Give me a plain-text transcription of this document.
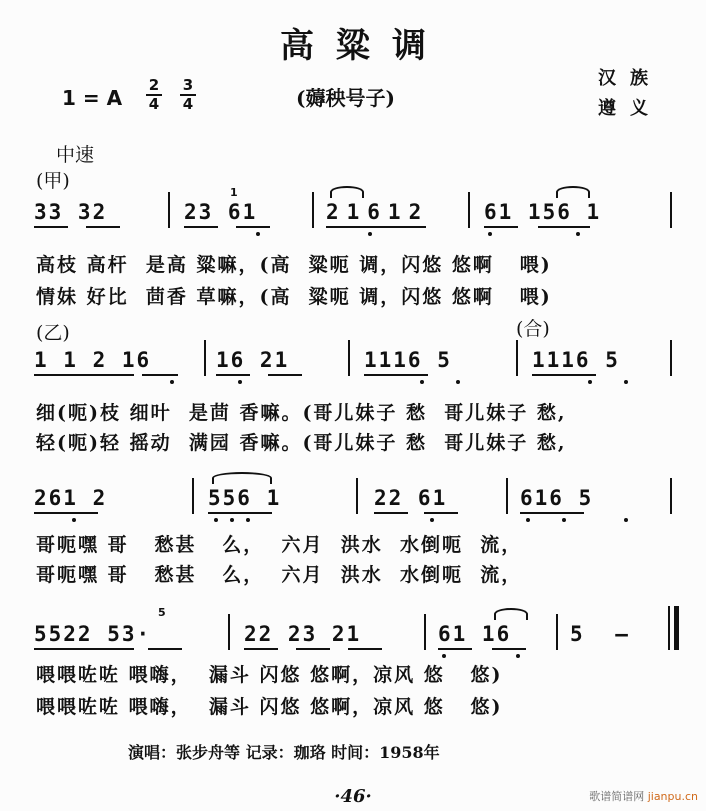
高粱调
1 = A
2
4
3
4	(薅秧号子)
汉族
遵义
中速
(甲)
(乙)	(合)
33 32	23 61	21612	61 156 1
1
高枝 高杆  是高 粱嘛，(高  粱呃 调，闪悠 悠啊   喂)
情妹 好比  茴香 草嘛，(高  粱呃 调，闪悠 悠啊   喂)
1 1 2 16	16 21	1116 5	1116 5
细(呃)枝 细叶  是茴 香嘛。(哥儿妹子 愁  哥儿妹子 愁,
轻(呃)轻 摇动  满园 香嘛。(哥儿妹子 愁  哥儿妹子 愁,
261 2	556 1	22 61	616 5
哥呃嘿 哥   愁甚   么，  六月  洪水  水倒呃  流，
哥呃嘿 哥   愁甚   么，  六月  洪水  水倒呃  流，
5522 53·	22 23 21	61 16	5 —
5
喂喂咗咗 喂嗨，  漏斗 闪悠 悠啊，凉风 悠   悠)
喂喂咗咗 喂嗨，  漏斗 闪悠 悠啊，凉风 悠   悠)
演唱：张步舟等 记录：珈珞 时间：1958年
·46·	歌谱简谱网 jianpu.cn
